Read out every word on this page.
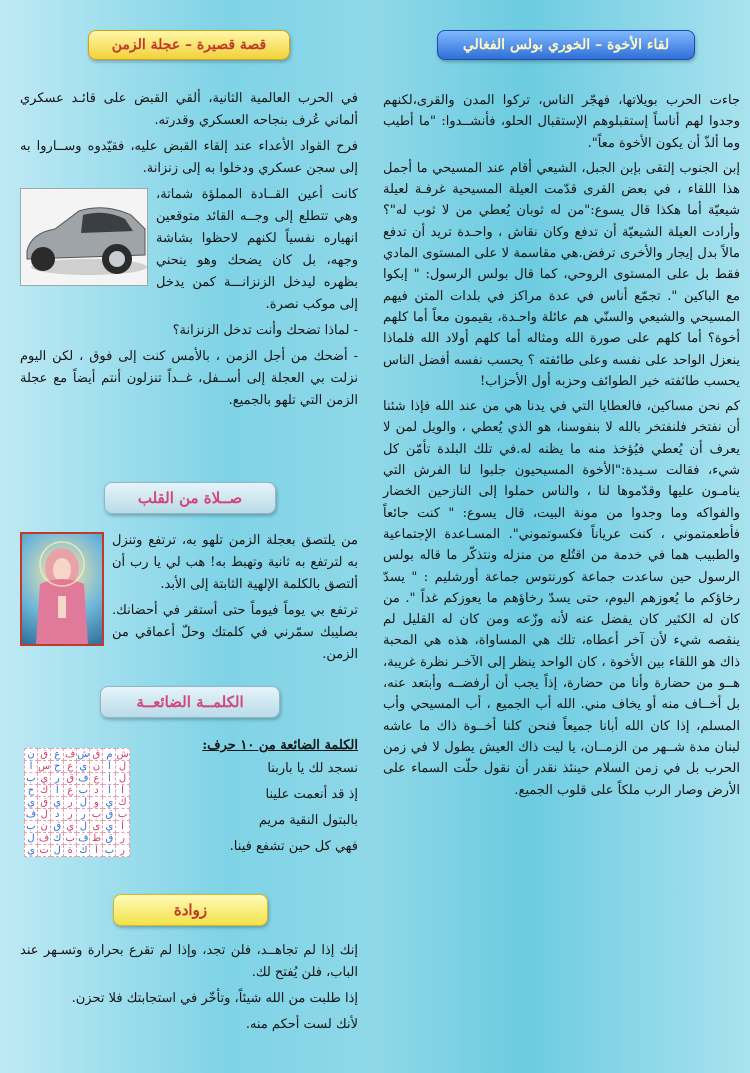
لقاء الأخوة – الخوري بولس الفغالي
قصة قصيرة – عجلة الزمن
صــلاة من القلب
الكلمــة الضائعــة
زوادة

جاءت الحرب بويلاتها، فهجّر الناس، تركوا المدن والقرى،لكنهم وجدوا لهم أناساً إستقبلوهم الإستقبال الحلو، فأنشــدوا: "ما أطيب وما ألذّ أن يكون الأخوة معاً".

إبن الجنوب إلتقى بإبن الجبل، الشيعي أقام عند المسيحي ما أجمل هذا اللقاء ، في بعض القرى قدّمت العيلة المسيحية غرفـة لعيلة شيعيّة أما هكذا قال يسوع:"من له ثوبان يُعطي من لا ثوب له"؟ وأرادت العيلة الشيعيّة أن تدفع وكان نقاش ، واحـدة تريد أن تدفع مالاً بدل إيجار والأخرى ترفض.هي مقاسمة لا على المستوى المادي فقط بل على المستوى الروحي، كما قال بولس الرسول: " إبكوا مع الباكين ". تجمّع أناس في عدة مراكز في بلدات المتن فيهم المسيحي والشيعي والسنّي هم عائلة واحـدة، يقيمون معاً أما كلهم أخوة؟ أما كلهم على صورة الله ومثاله أما كلهم أولاد الله فلماذا ينعزل الواحد على نفسه وعلى طائفته ؟ يحسب نفسه أفضل الناس يحسب طائفته خير الطوائف وحزبه أول الأحزاب!

كم نحن مساكين، فالعطايا التي في يدنا هي من عند الله فإذا شئنا أن نفتخر فلنفتخر بالله لا بنفوسنا، هو الذي يُعطي ، والويل لمن لا يعرف أن يُعطي فيُؤخذ منه ما يظنه له.في تلك البلدة تأمّن كل شيء، فقالت سـيدة:"الأخوة المسيحيون جلبوا لنا الفرش التي ينامـون عليها وقدّموها لنا ، والناس حملوا إلى النازحين الخضار والفواكه وما وجدوا من مونة البيت، قال يسوع: " كنت جائعاً فأطعمتموني ، كنت عرياناً فكسوتموني". المسـاعدة الإجتماعية والطبيب هما في خدمة من اقتُلع من منزله ونتذكّر ما قاله بولس الرسول حين ساعدت جماعة كورنتوس جماعة أورشليم : " يسدّ رخاؤكم ما يُعوزهم اليوم، حتى يسدّ رخاؤهم ما يعوزكم غداً ". من كان له الكثير كان يفضل عنه لأنه وزّعه ومن كان له القليل لم ينقصه شيء لأن آخر أعطاه، تلك هي المساواة، هذه هي المحبة ذاك هو اللقاء بين الأخوة ، كان الواحد ينظر إلى الآخـر نظرة غريبة، هــو من حضارة وأنا من حضارة، إذاً يجب أن أرفضــه وأبتعد عنه، بل أخــاف منه أو يخاف مني. الله أب الجميع ، أب المسيحي وأب المسلم، إذا كان الله أبانا جميعاً فنحن كلنا أخــوة ذاك ما عاشه لبنان مدة شــهر من الزمــان، يا ليت ذاك العيش يطول لا في زمن الحرب بل في زمن السلام حينئذ نقدر أن نقول حلّت السماء على الأرض وصار الرب ملكاً على قلوب الجميع.

في الحرب العالمية الثانية، ألقي القبض على قائـد عسكري ألماني عُرف بنجاحه العسكري وقدرته.

فرح القواد الأعداء عند إلقاء القبض عليه، فقيّدوه وســاروا به إلى سجن عسكري ودخلوا به إلى زنزانة.

كانت أعين القــادة المملؤة شماتة، وهي تتطلع إلى وجــه القائد متوقعين انهياره نفسياً لكنهم لاحظوا بشاشة وجهه، بل كان يضحك وهو ينحني بظهره ليدخل الزنزانـــة كمن يدخل إلى موكب نصرة.

- لماذا تضحك وأنت تدخل الزنزانة؟

- أضحك من أجل الزمن ، بالأمس كنت إلى فوق ، لكن اليوم نزلت بي العجلة إلى أســفل، غــداً تنزلون أنتم أيضاً مع عجلة الزمن التي تلهو بالجميع.

من يلتصق بعجلة الزمن تلهو به، ترتفع وتنزل به لترتفع به ثانية وتهبط به! هب لي يا رب أن ألتصق بالكلمة الإلهية الثابتة إلى الأبد.

ترتفع بي يوماً فيوماً حتى أستقر في أحضانك. بصليبك سمّرني في كلمتك وحلّ أعماقي من الزمن.

الكلمة الضائعة من ١٠ حرف:
نسجد لك يا باربنا
إذ قد أنعمت علينا
بالبتول النقية مريم
فهي كل حين تشفع فينا.
ن	ق	ع	ف	ش	ق	م	ش
ا	س	ح	ع	ي	ن	ا	ل
ب	ي	ر	ق	ف	ع	ا	ل
ح	ك	ا	ع	ب	د	ا	ا
ي	ق	ي	ر	ل	و	ي	ك
ف	ل	د	ر	ر	ب	ق	ب
ب	ن	ق	ي	ل	ى	ي	ا
ل	ف	ك	ب	ف	ط	ق	ر
ي	ت	ل	ة	ك	ا	ب	ر

إنك إذا لم تجاهــد، فلن تجد، وإذا لم تقرع بحرارة وتسـهر عند الباب، فلن يُفتح لك.

إذا طلبت من الله شيئاً، وتأخّر في استجابتك فلا تحزن.

لأنك لست أحكم منه.
